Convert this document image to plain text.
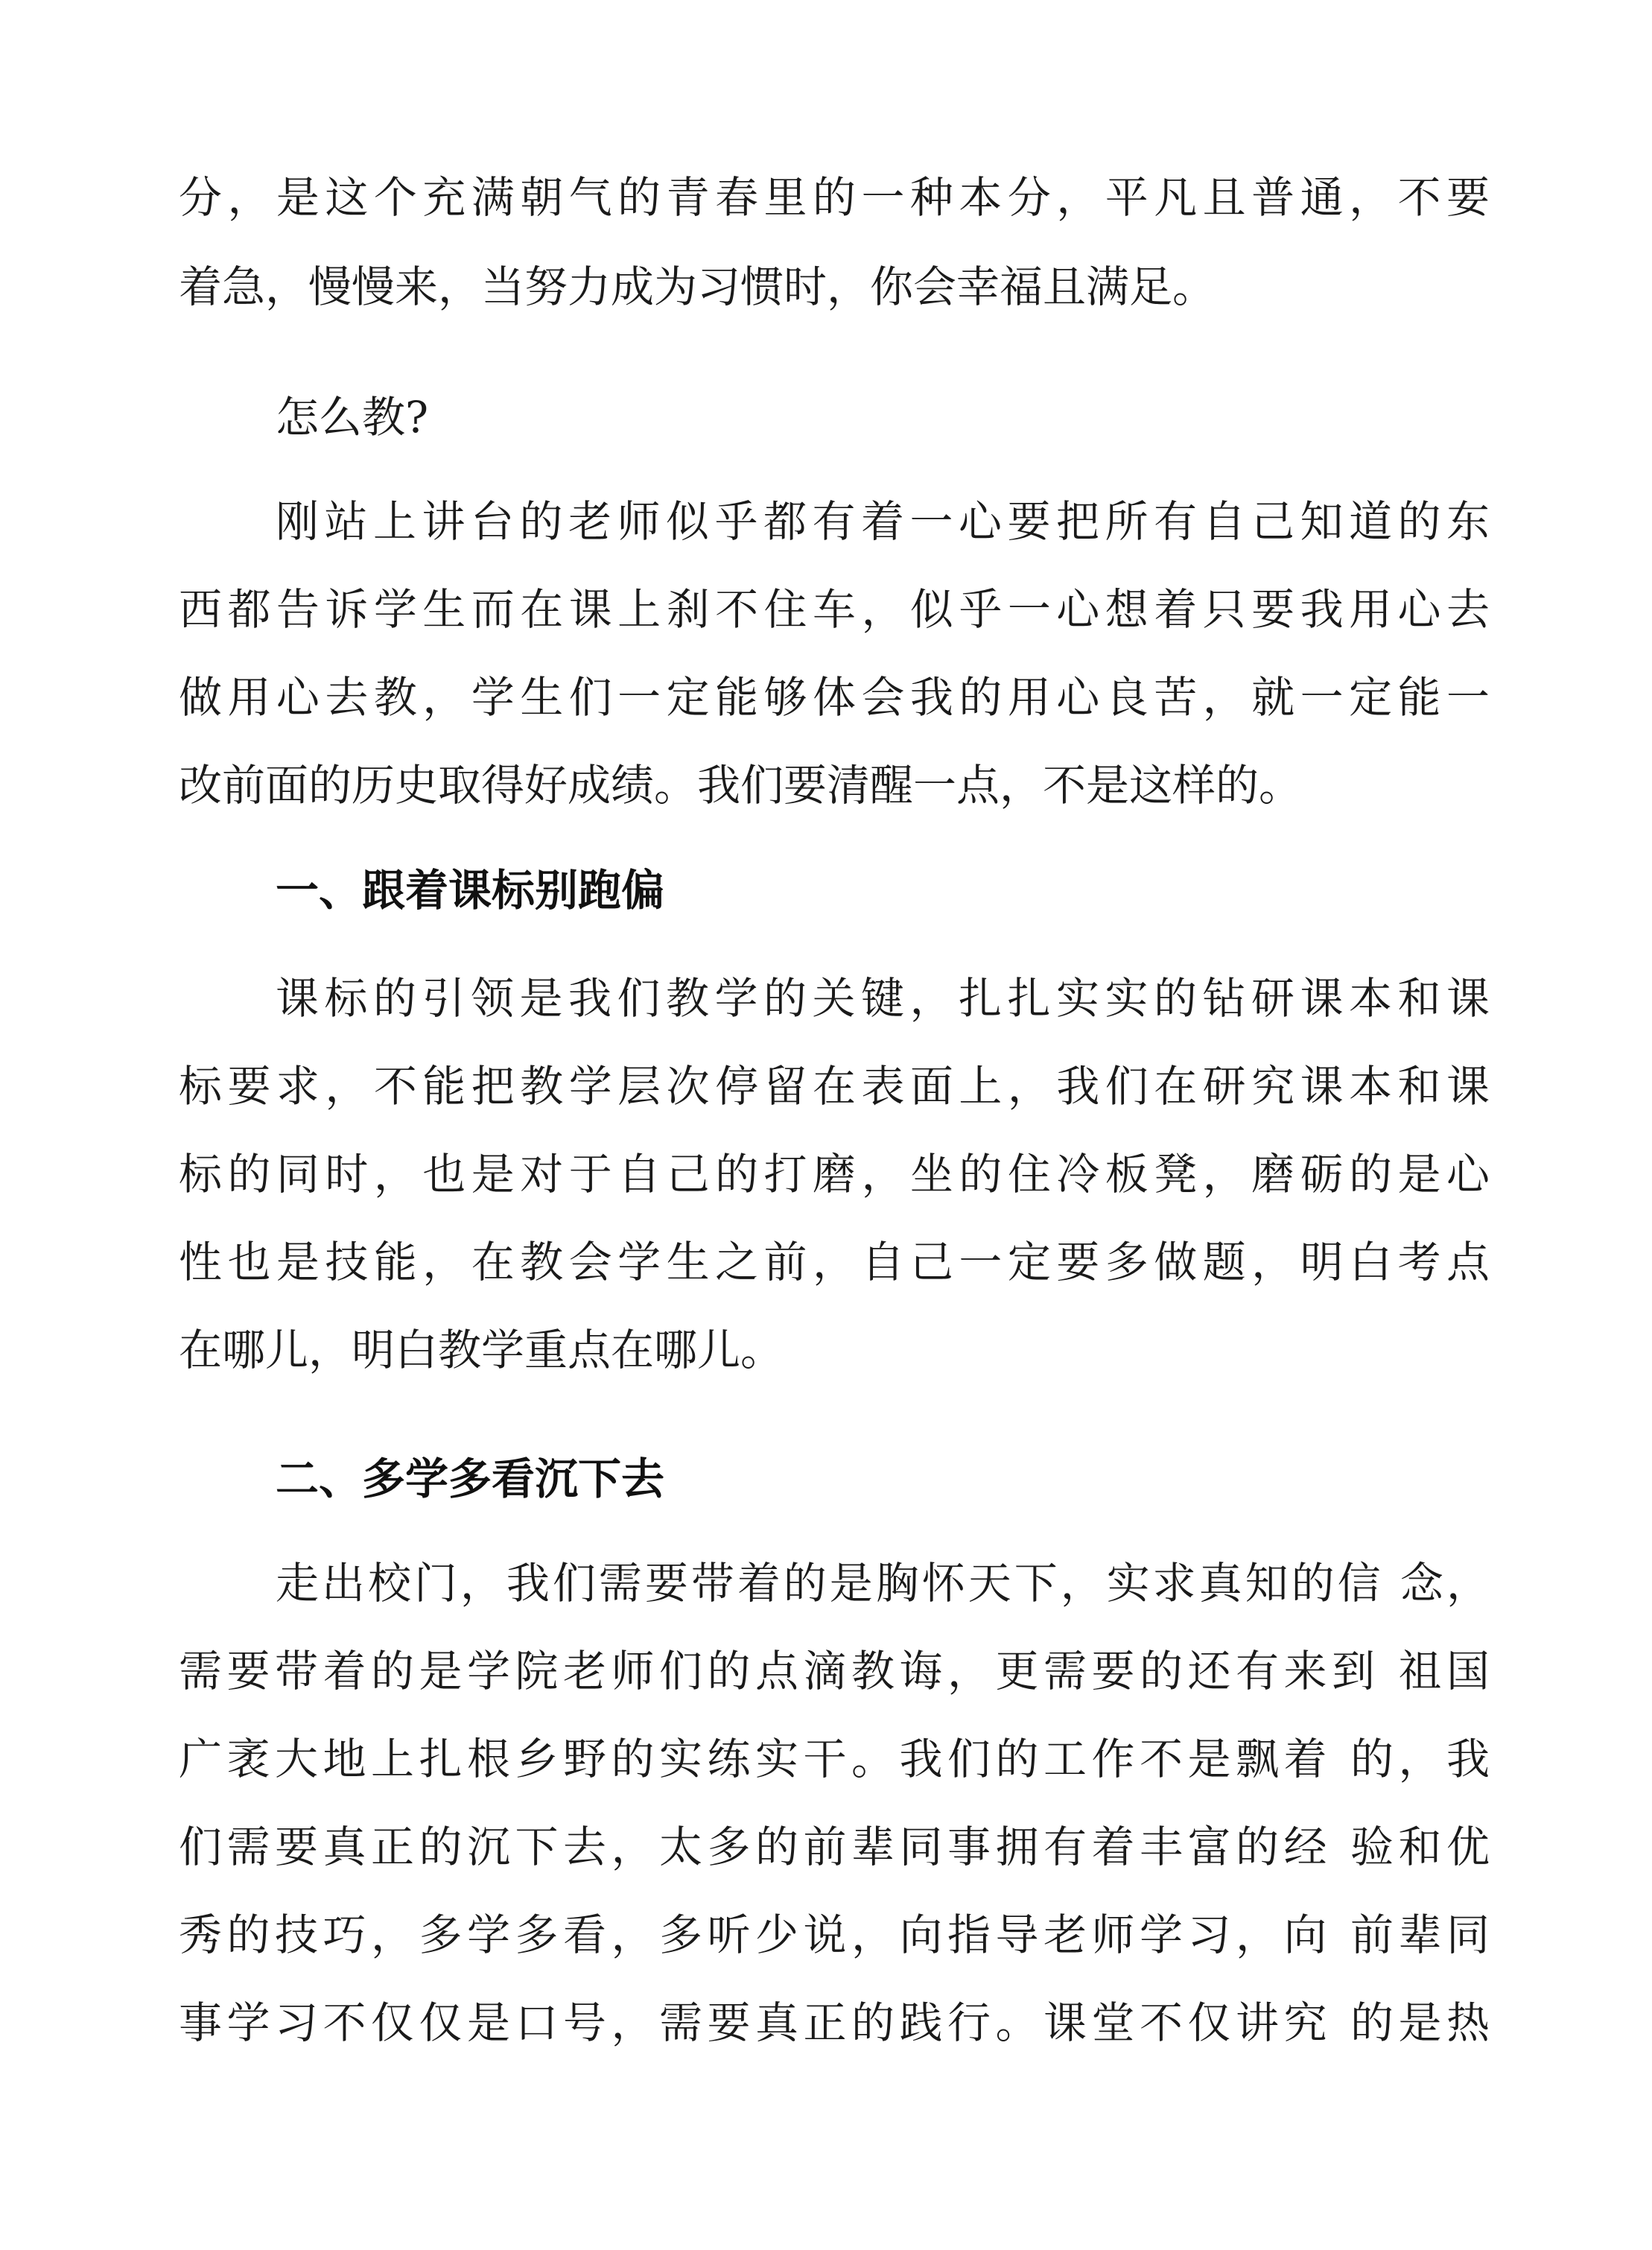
分，是这个充满朝气的青春里的一种本分，平凡且普通，不要
着急，慢慢来，当努力成为习惯时，你会幸福且满足。
怎么教?
刚站上讲台的老师似乎都有着一心要把所有自己知道的东
西都告诉学生而在课上刹不住车，似乎一心想着只要我用心去
做用心去教，学生们一定能够体会我的用心良苦，就一定能一
改前面的历史取得好成绩。我们要清醒一点，不是这样的。
一、跟着课标别跑偏
课标的引领是我们教学的关键，扎扎实实的钻研课本和课
标要求，不能把教学层次停留在表面上，我们在研究课本和课
标的同时，也是对于自己的打磨，坐的住冷板凳，磨砺的是心
性也是技能，在教会学生之前，自己一定要多做题，明白考点
在哪儿，明白教学重点在哪儿。
二、多学多看沉下去
走出校门，我们需要带着的是胸怀天下，实求真知的信 念，
需要带着的是学院老师们的点滴教诲，更需要的还有来到 祖国
广袤大地上扎根乡野的实练实干。我们的工作不是飘着 的，我
们需要真正的沉下去，太多的前辈同事拥有着丰富的经 验和优
秀的技巧，多学多看，多听少说，向指导老师学习，向 前辈同
事学习不仅仅是口号，需要真正的践行。课堂不仅讲究 的是热
